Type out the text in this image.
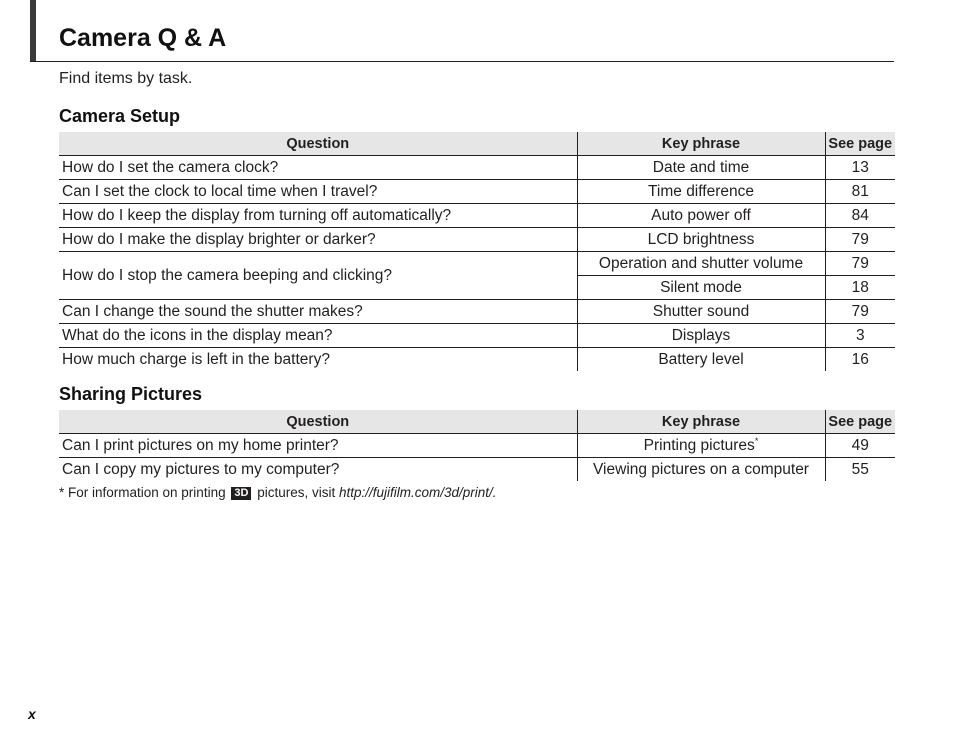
Camera Q & A
Find items by task.
Camera Setup
Question	Key phrase	See page
How do I set the camera clock?	Date and time	13
Can I set the clock to local time when I travel?	Time difference	81
How do I keep the display from turning off automatically?	Auto power off	84
How do I make the display brighter or darker?	LCD brightness	79
How do I stop the camera beeping and clicking?	Operation and shutter volume	79
	Silent mode	18
Can I change the sound the shutter makes?	Shutter sound	79
What do the icons in the display mean?	Displays	3
How much charge is left in the battery?	Battery level	16
Sharing Pictures
Question	Key phrase	See page
Can I print pictures on my home printer?	Printing pictures*	49
Can I copy my pictures to my computer?	Viewing pictures on a computer	55
* For information on printing 3D pictures, visit http://fujifilm.com/3d/print/.
x
